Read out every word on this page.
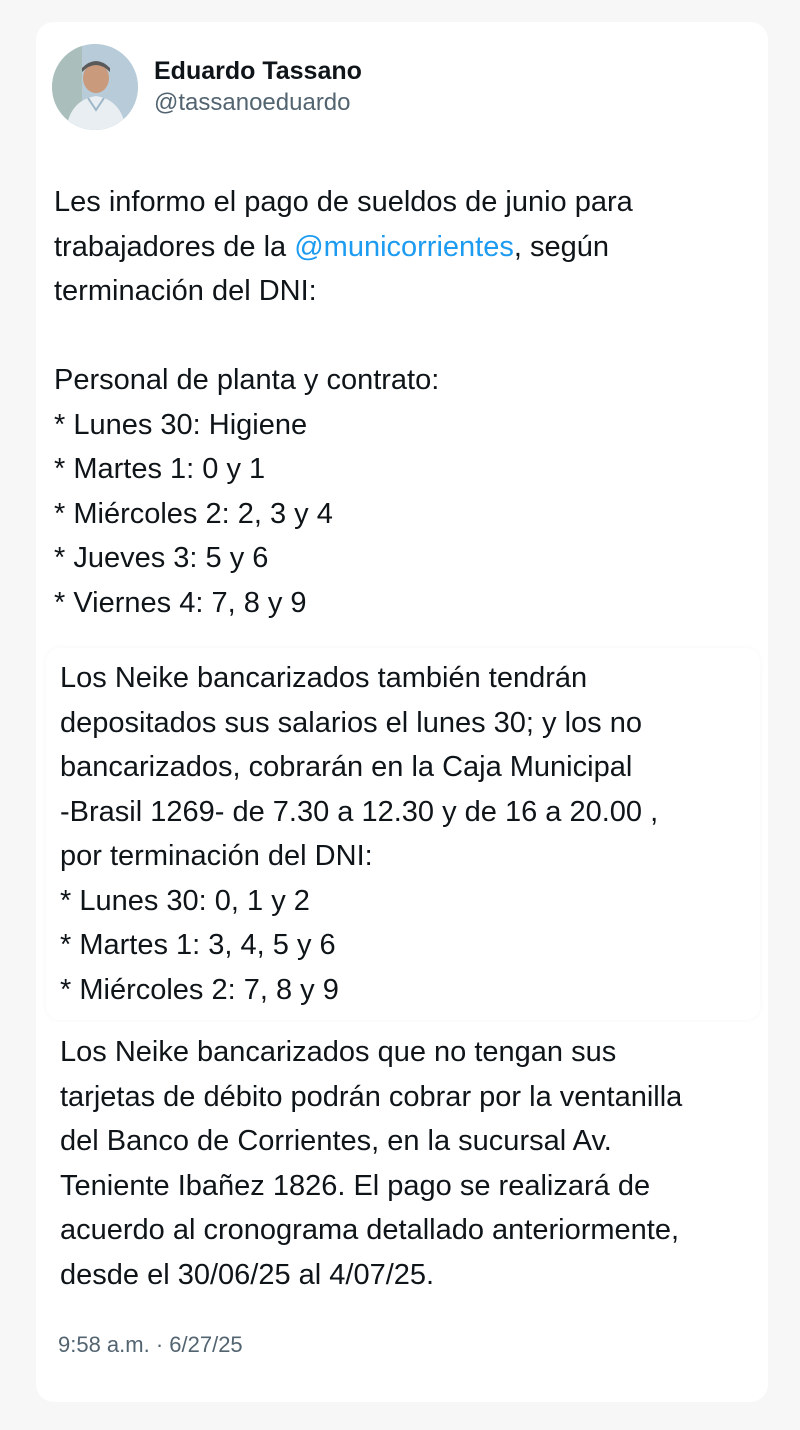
Eduardo Tassano
@tassanoeduardo
Les informo el pago de sueldos de junio para
trabajadores de la @municorrientes, según
terminación del DNI:
Personal de planta y contrato:
* Lunes 30: Higiene
* Martes 1: 0 y 1
* Miércoles 2: 2, 3 y 4
* Jueves 3: 5 y 6
* Viernes 4: 7, 8 y 9
Los Neike bancarizados también tendrán
depositados sus salarios el lunes 30; y los no
bancarizados, cobrarán en la Caja Municipal
-Brasil 1269- de 7.30 a 12.30 y de 16 a 20.00 ,
por terminación del DNI:
* Lunes 30: 0, 1 y 2
* Martes 1: 3, 4, 5 y 6
* Miércoles 2: 7, 8 y 9
Los Neike bancarizados que no tengan sus
tarjetas de débito podrán cobrar por la ventanilla
del Banco de Corrientes, en la sucursal Av.
Teniente Ibañez 1826. El pago se realizará de
acuerdo al cronograma detallado anteriormente,
desde el 30/06/25 al 4/07/25.
9:58 a.m. · 6/27/25
